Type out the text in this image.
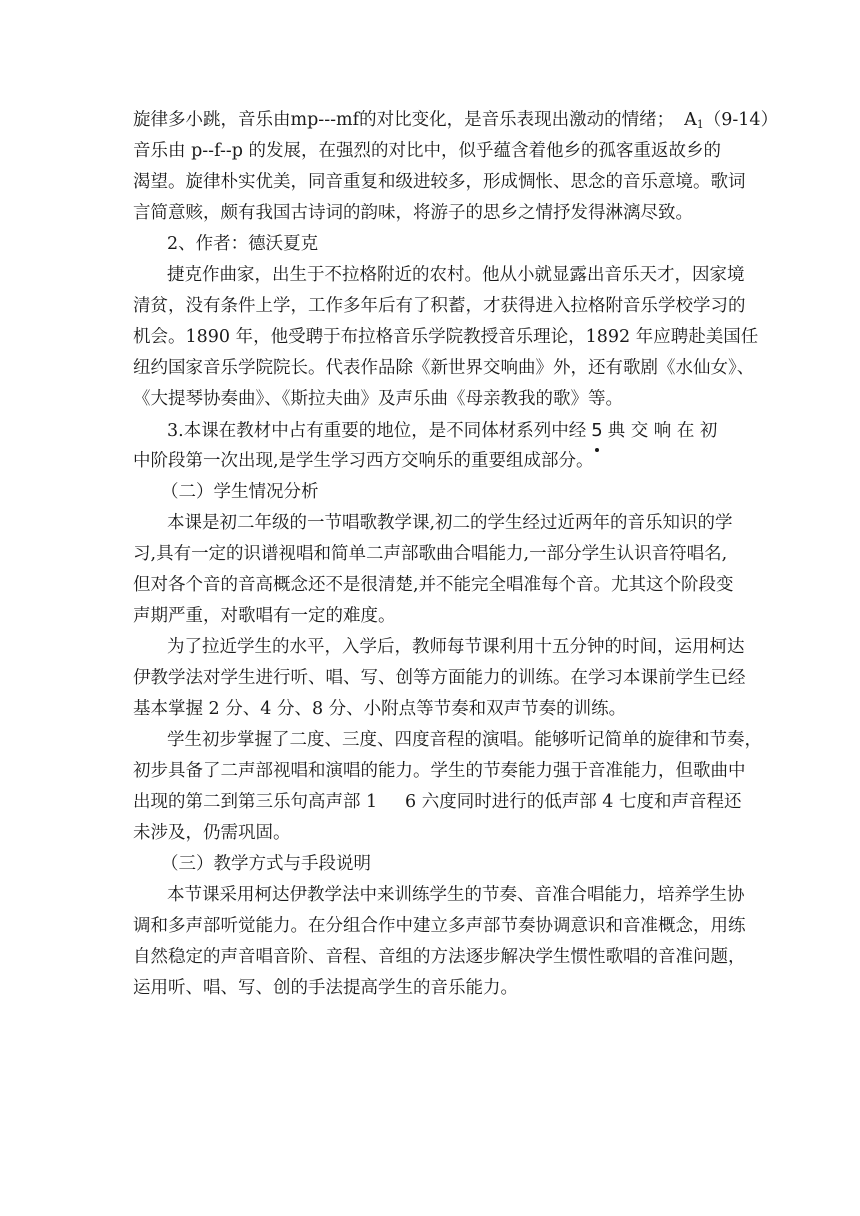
旋律多小跳，音乐由mp---mf的对比变化，是音乐表现出激动的情绪； $A_1(9-14)$
音乐由 p--f--p 的发展，在强烈的对比中，似乎蕴含着他乡的孤客重返故乡的
渴望。旋律朴实优美，同音重复和级进较多，形成惆怅、思念的音乐意境。歌词
言简意赅，颇有我国古诗词的韵味，将游子的思乡之情抒发得淋漓尽致。
2、作者：德沃夏克
捷克作曲家，出生于不拉格附近的农村。他从小就显露出音乐天才，因家境
清贫，没有条件上学，工作多年后有了积蓄，才获得进入拉格附音乐学校学习的
机会。1890 年，他受聘于布拉格音乐学院教授音乐理论，1892 年应聘赴美国任
纽约国家音乐学院院长。代表作品除《新世界交响曲》外，还有歌剧《水仙女》、
《大提琴协奏曲》、《斯拉夫曲》及声乐曲《母亲教我的歌》等。
3.本课在教材中占有重要的地位，是不同体材系列中经 5 典 交 响 在 初
中阶段第一次出现,是学生学习西方交响乐的重要组成部分。
（二）学生情况分析
本课是初二年级的一节唱歌教学课,初二的学生经过近两年的音乐知识的学
习,具有一定的识谱视唱和简单二声部歌曲合唱能力,一部分学生认识音符唱名,
但对各个音的音高概念还不是很清楚,并不能完全唱准每个音。尤其这个阶段变
声期严重，对歌唱有一定的难度。
为了拉近学生的水平，入学后，教师每节课利用十五分钟的时间，运用柯达
伊教学法对学生进行听、唱、写、创等方面能力的训练。在学习本课前学生已经
基本掌握 2 分、4 分、8 分、小附点等节奏和双声节奏的训练。
学生初步掌握了二度、三度、四度音程的演唱。能够听记简单的旋律和节奏，
初步具备了二声部视唱和演唱的能力。学生的节奏能力强于音准能力，但歌曲中
出现的第二到第三乐句高声部 1     6 六度同时进行的低声部 4 七度和声音程还
未涉及，仍需巩固。
（三）教学方式与手段说明
本节课采用柯达伊教学法中来训练学生的节奏、音准合唱能力，培养学生协
调和多声部听觉能力。在分组合作中建立多声部节奏协调意识和音准概念，用练
自然稳定的声音唱音阶、音程、音组的方法逐步解决学生惯性歌唱的音准问题，
运用听、唱、写、创的手法提高学生的音乐能力。
